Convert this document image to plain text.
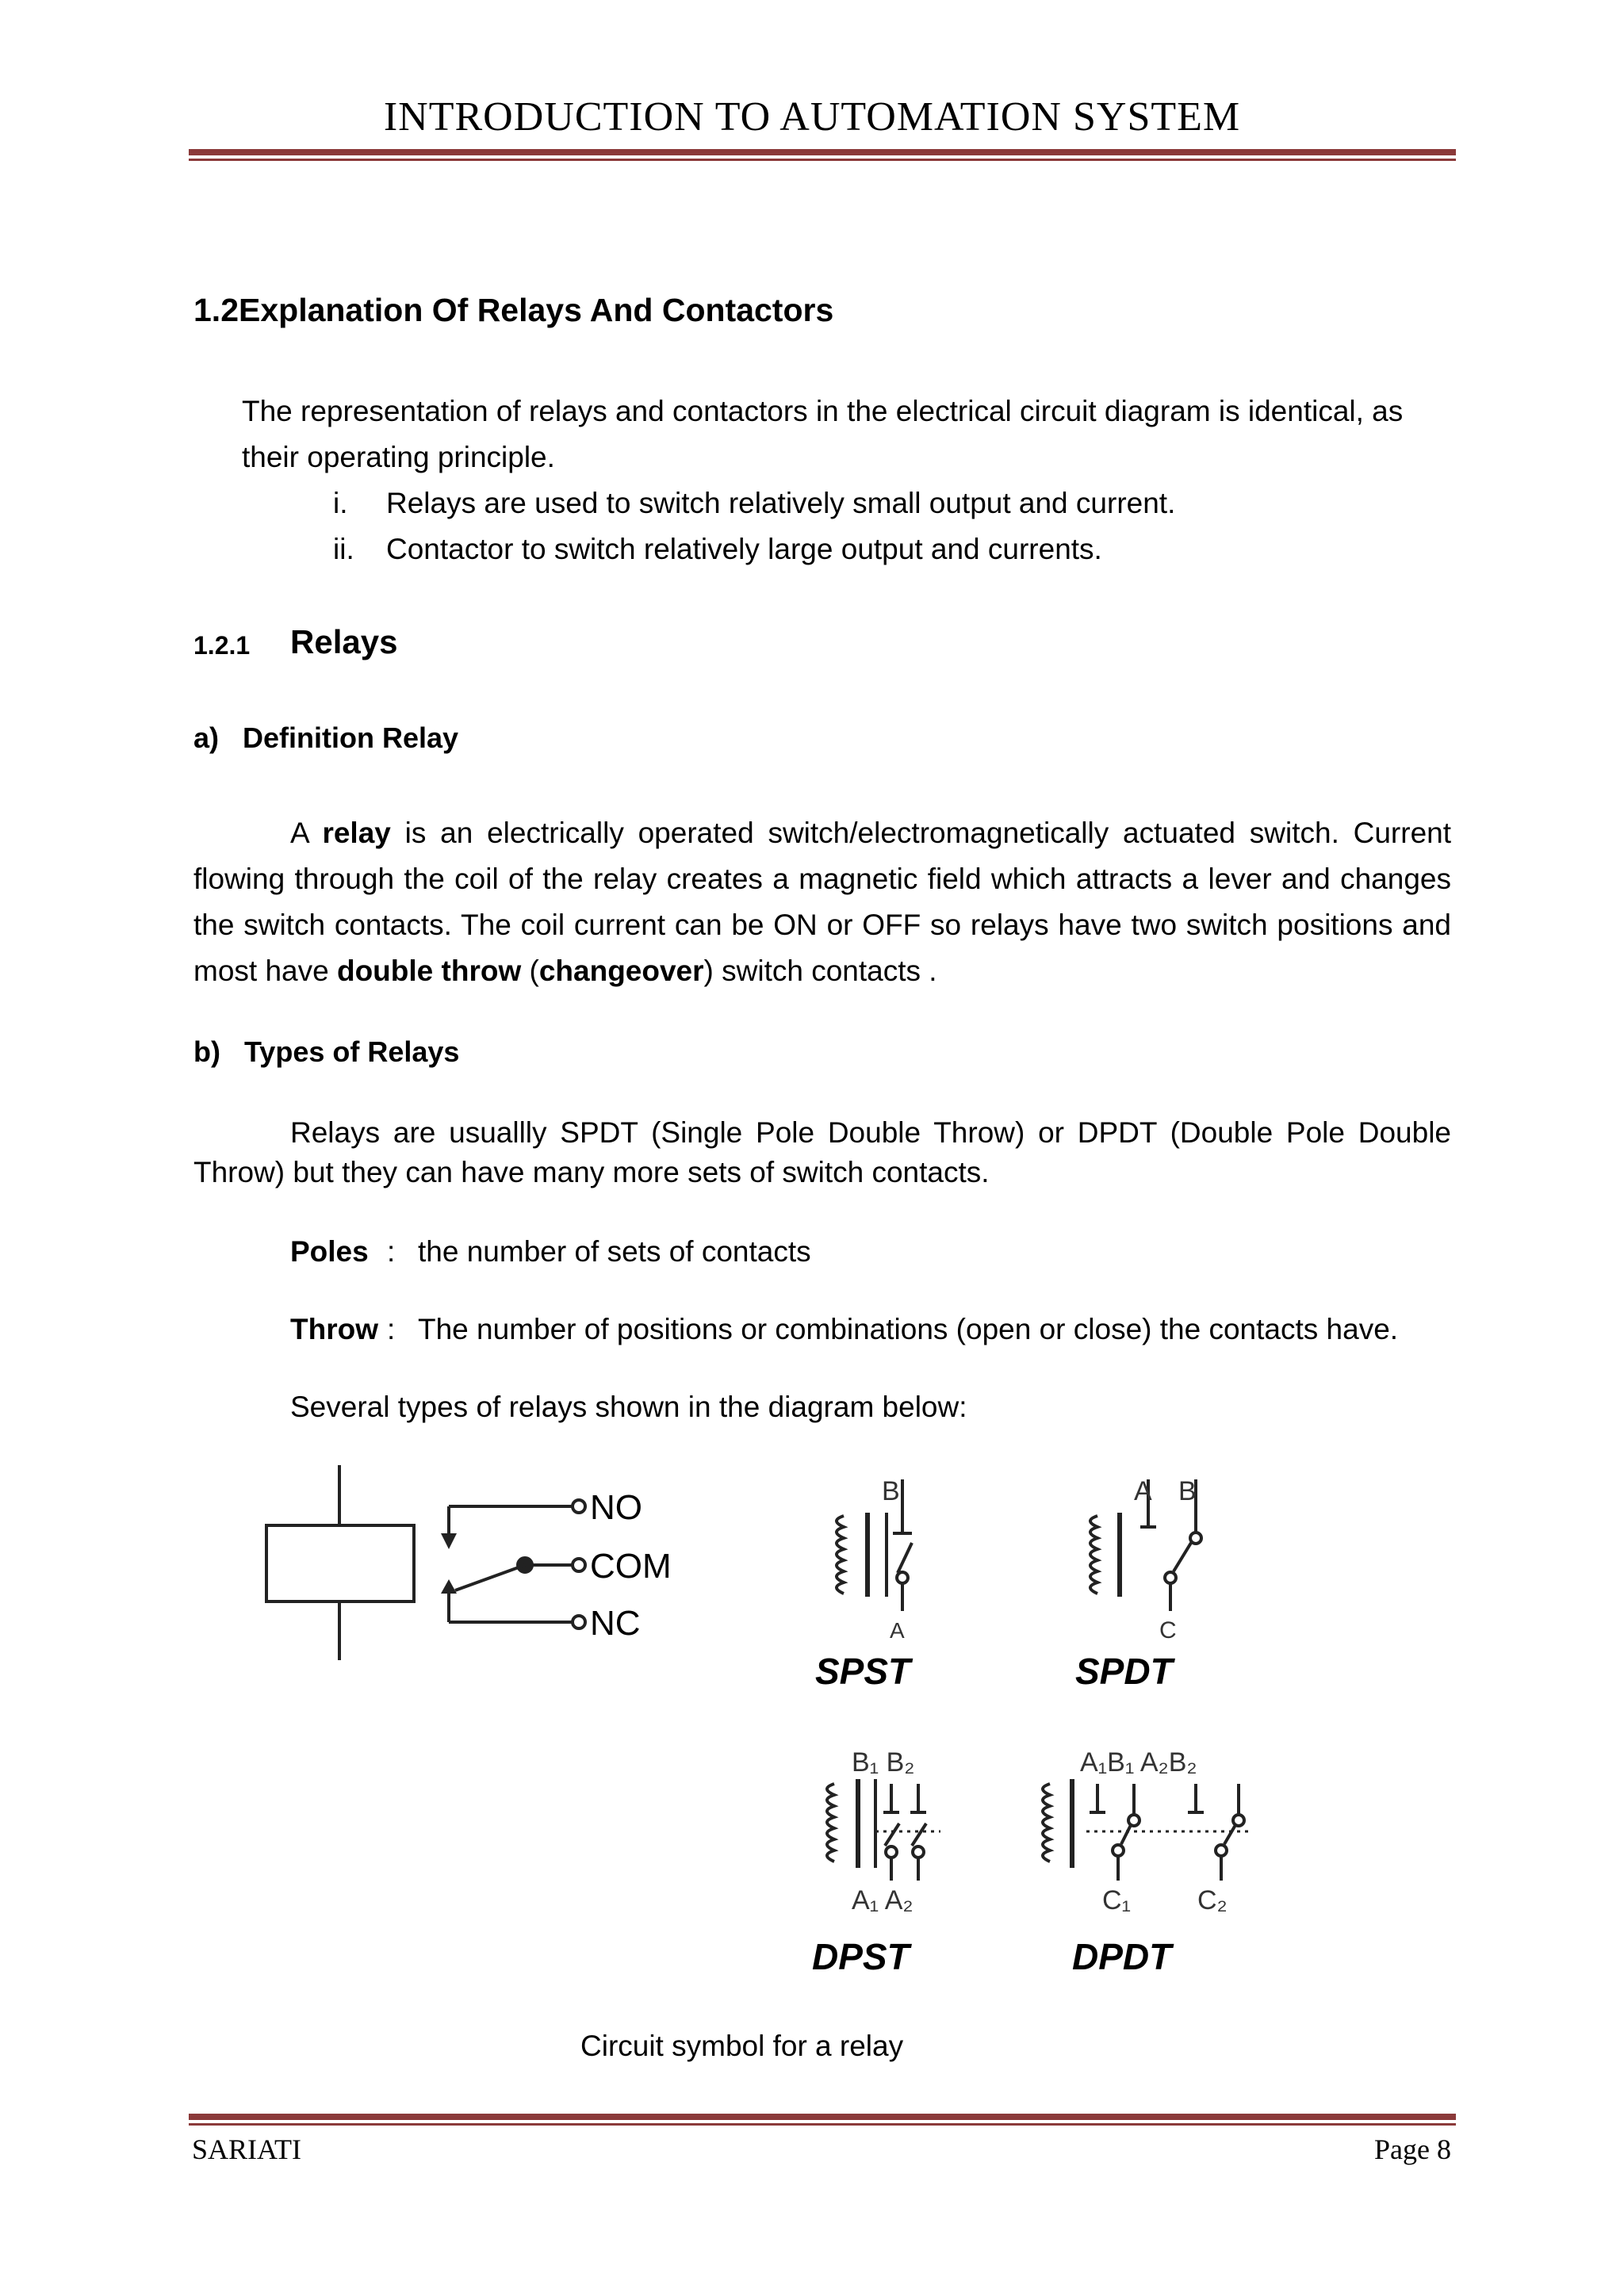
INTRODUCTION TO AUTOMATION SYSTEM
1.2Explanation Of Relays And Contactors
The representation of relays and contactors in the electrical circuit diagram is identical, as their operating principle.
i. Relays are used to switch relatively small output and current.
ii. Contactor to switch relatively large output and currents.
1.2.1 Relays
a)   Definition Relay
A relay is an electrically operated switch/electromagnetically actuated switch. Current flowing through the coil of the relay creates a magnetic field which attracts a lever and changes the switch contacts. The coil current can be ON or OFF so relays have two switch positions and most have double throw (changeover) switch contacts .
b)   Types of Relays
Relays are usuallly SPDT (Single Pole Double Throw) or DPDT (Double Pole Double Throw) but they can have many more sets of switch contacts.
Poles : the number of sets of contacts
Throw : The number of positions or combinations (open or close) the contacts have.
Several types of relays shown in the diagram below:
NO
COM
NC
B
A
SPST
A B
C
SPDT
B₁ B₂
A₁ A₂
DPST
A₁B₁ A₂B₂
C₁ C₂
DPDT
Circuit symbol for a relay
SARIATI	Page 8
